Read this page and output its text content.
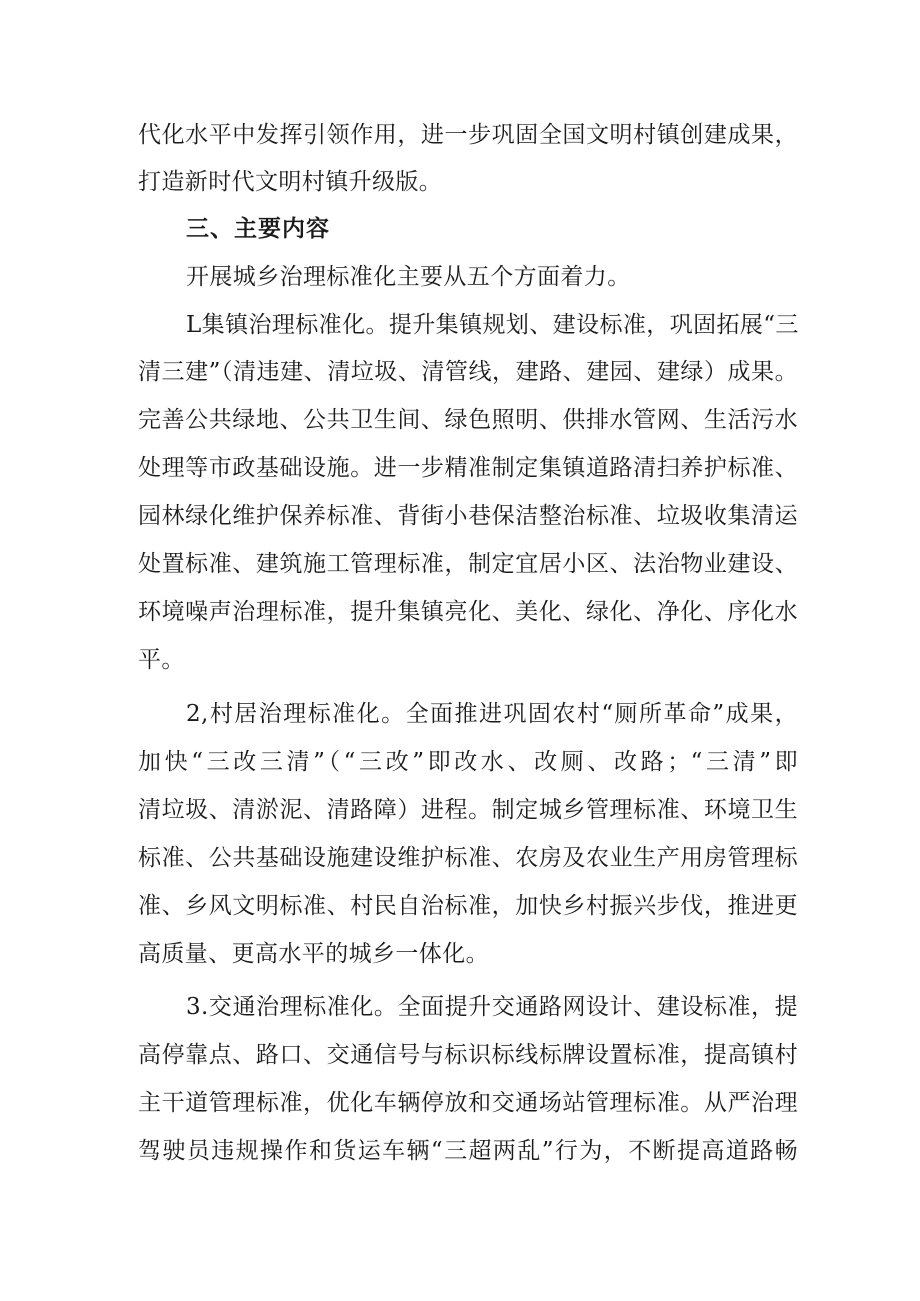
代化水平中发挥引领作用，进一步巩固全国文明村镇创建成果，
打造新时代文明村镇升级版。
三、主要内容
开展城乡治理标准化主要从五个方面着力。
L集镇治理标准化。提升集镇规划、建设标准，巩固拓展“三
清三建”（清违建、清垃圾、清管线，建路、建园、建绿）成果。
完善公共绿地、公共卫生间、绿色照明、供排水管网、生活污水
处理等市政基础设施。进一步精准制定集镇道路清扫养护标准、
园林绿化维护保养标准、背街小巷保洁整治标准、垃圾收集清运
处置标准、建筑施工管理标准，制定宜居小区、法治物业建设、
环境噪声治理标准，提升集镇亮化、美化、绿化、净化、序化水
平。
2,村居治理标准化。全面推进巩固农村“厕所革命”成果，
加快“三改三清”（“三改”即改水、改厕、改路；“三清”即
清垃圾、清淤泥、清路障）进程。制定城乡管理标准、环境卫生
标准、公共基础设施建设维护标准、农房及农业生产用房管理标
准、乡风文明标准、村民自治标准，加快乡村振兴步伐，推进更
高质量、更高水平的城乡一体化。
3.交通治理标准化。全面提升交通路网设计、建设标准，提
高停靠点、路口、交通信号与标识标线标牌设置标准，提高镇村
主干道管理标准，优化车辆停放和交通场站管理标准。从严治理
驾驶员违规操作和货运车辆“三超两乱”行为，不断提高道路畅
